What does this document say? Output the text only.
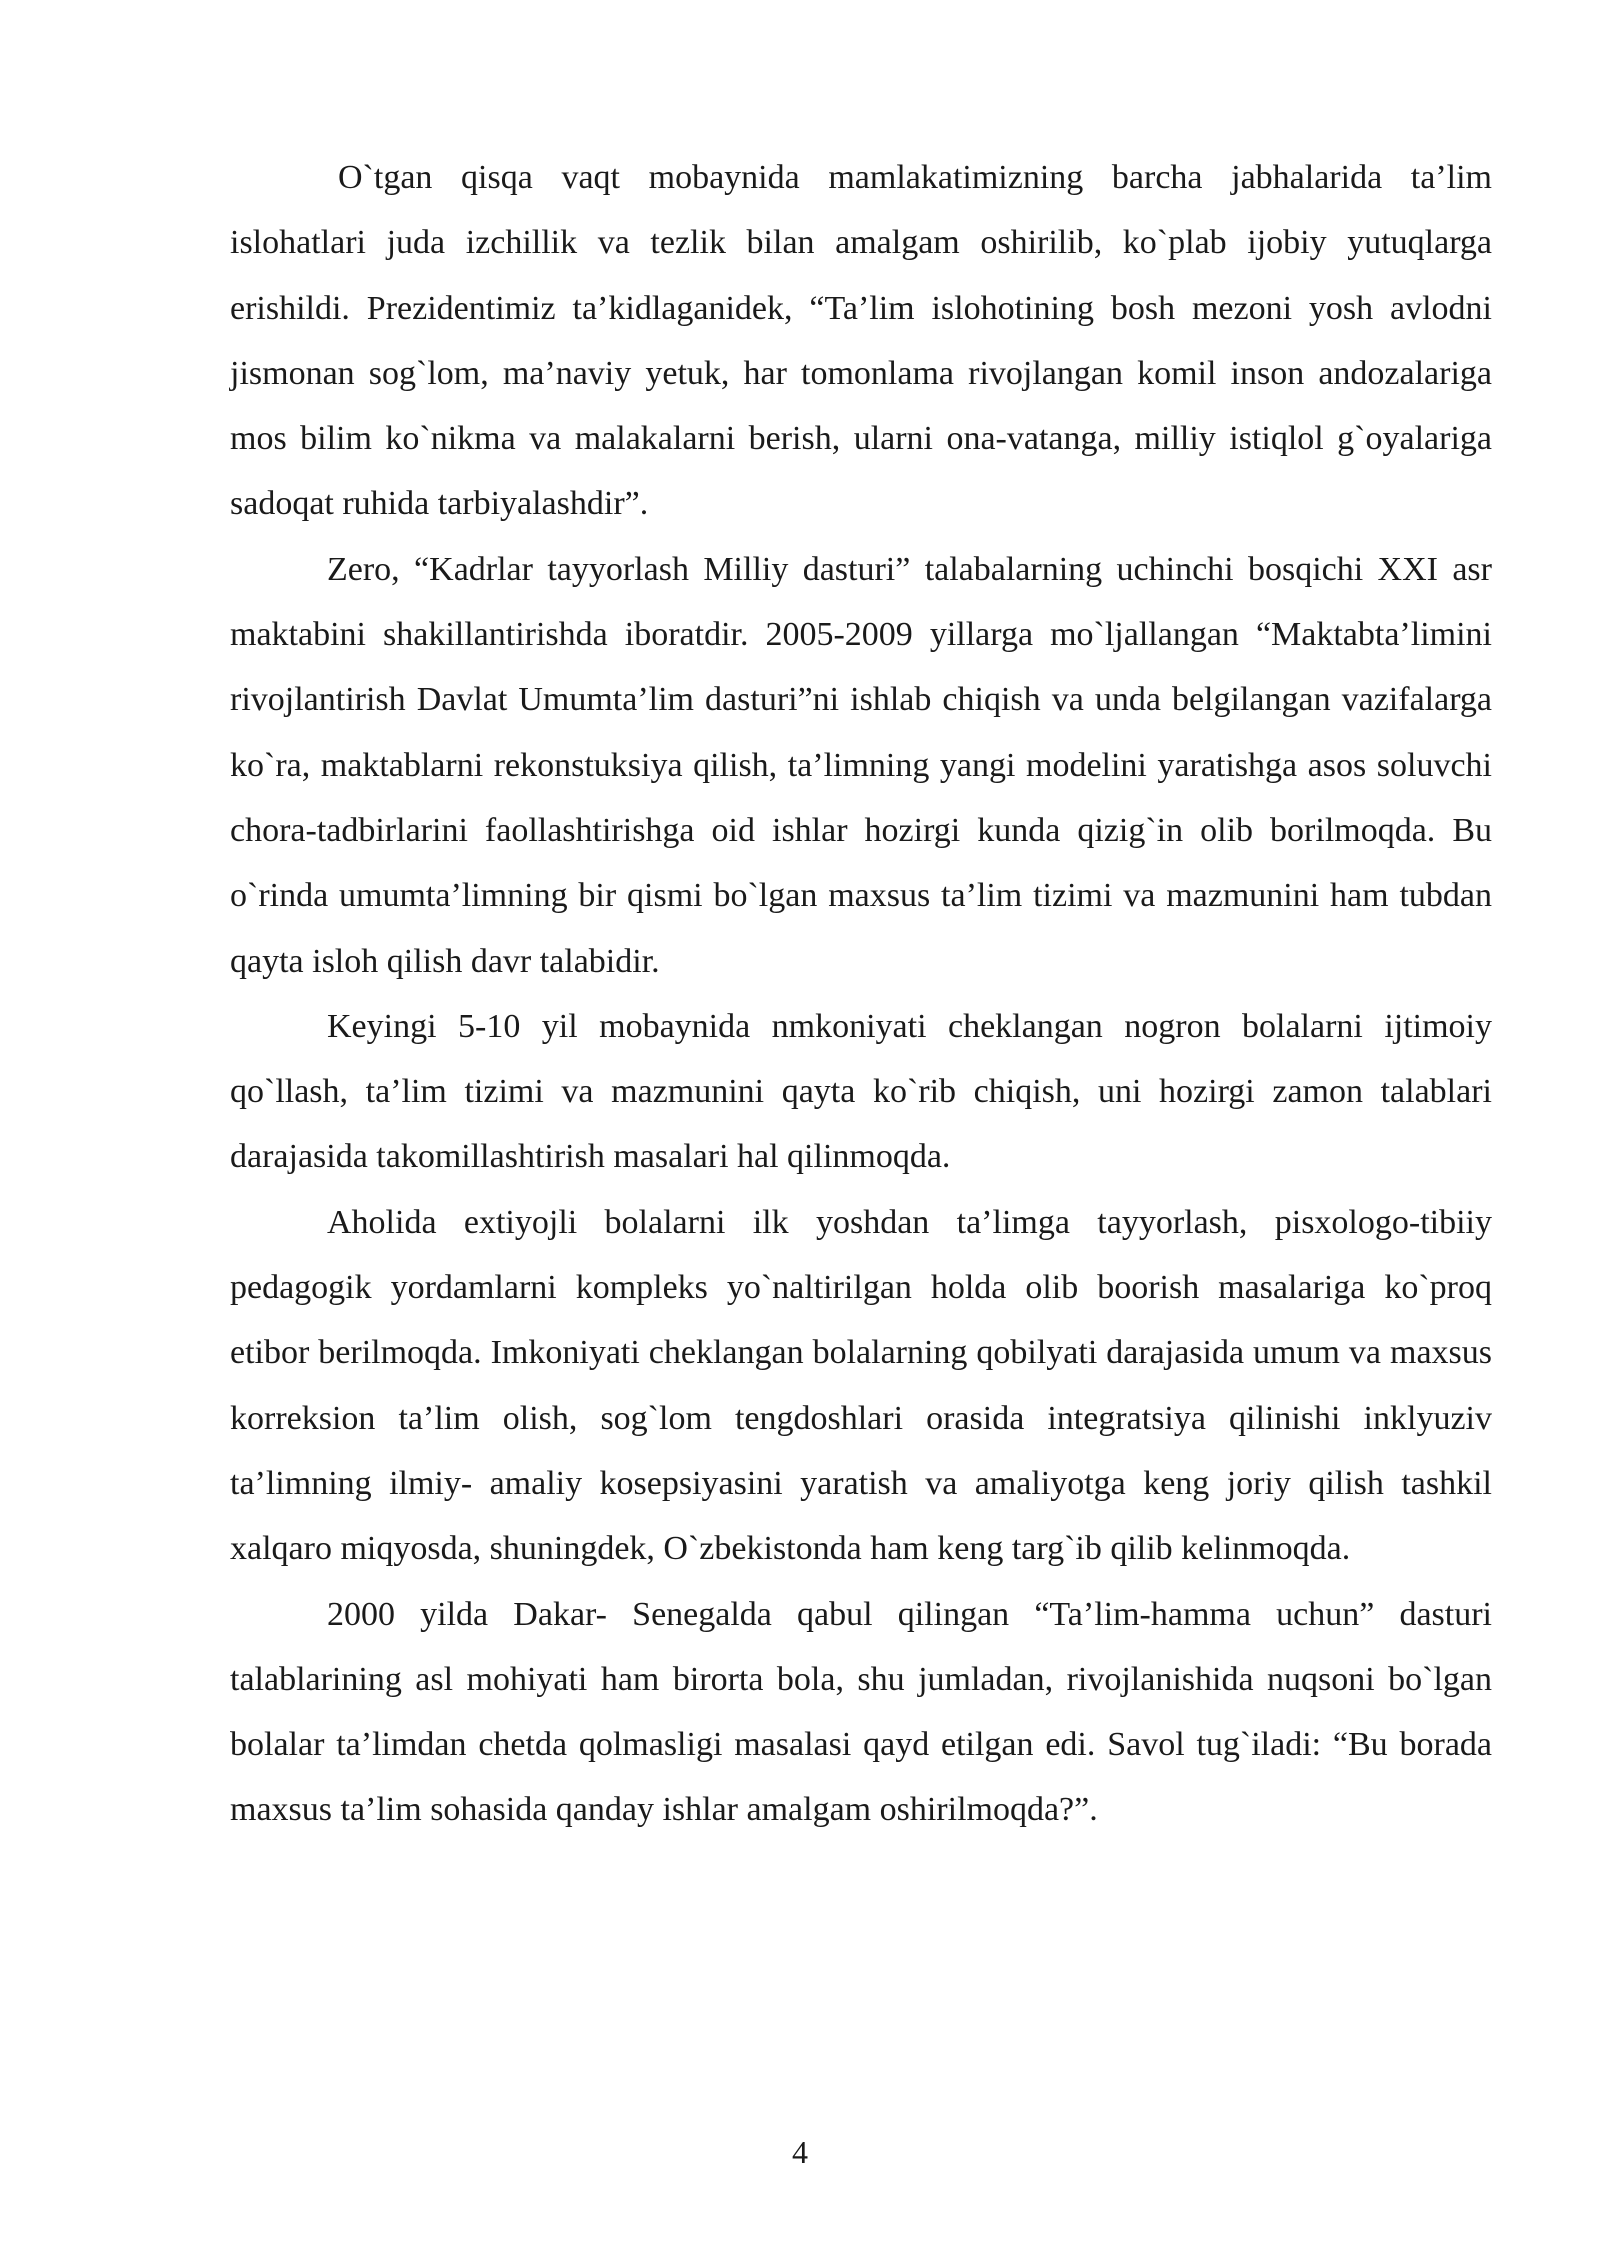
O`tgan qisqa vaqt mobaynida mamlakatimizning barcha jabhalarida ta’lim islohatlari juda izchillik va tezlik bilan amalgam oshirilib, ko`plab ijobiy yutuqlarga erishildi. Prezidentimiz ta’kidlaganidek, “Ta’lim islohotining bosh mezoni yosh avlodni jismonan sog`lom, ma’naviy yetuk, har tomonlama rivojlangan komil inson andozalariga mos bilim ko`nikma va malakalarni berish, ularni ona-vatanga, milliy istiqlol g`oyalariga sadoqat ruhida tarbiyalashdir”.

Zero, “Kadrlar tayyorlash Milliy dasturi” talabalarning uchinchi bosqichi XXI asr maktabini shakillantirishda iboratdir. 2005-2009 yillarga mo`ljallangan “Maktabta’limini rivojlantirish Davlat Umumta’lim dasturi”ni ishlab chiqish va unda belgilangan vazifalarga ko`ra, maktablarni rekonstuksiya qilish, ta’limning yangi modelini yaratishga asos soluvchi chora-tadbirlarini faollashtirishga oid ishlar hozirgi kunda qizig`in olib borilmoqda. Bu o`rinda umumta’limning bir qismi bo`lgan maxsus ta’lim tizimi va mazmunini ham tubdan qayta isloh qilish davr talabidir.

Keyingi 5-10 yil mobaynida nmkoniyati cheklangan nogron bolalarni ijtimoiy qo`llash, ta’lim tizimi va mazmunini qayta ko`rib chiqish, uni hozirgi zamon talablari darajasida takomillashtirish masalari hal qilinmoqda.

Aholida extiyojli bolalarni ilk yoshdan ta’limga tayyorlash, pisxologo-tibiiy pedagogik yordamlarni kompleks yo`naltirilgan holda olib boorish masalariga ko`proq etibor berilmoqda. Imkoniyati cheklangan bolalarning qobilyati darajasida umum va maxsus korreksion ta’lim olish, sog`lom tengdoshlari orasida integratsiya qilinishi inklyuziv ta’limning ilmiy- amaliy kosepsiyasini yaratish va amaliyotga keng joriy qilish tashkil xalqaro miqyosda, shuningdek, O`zbekistonda ham keng targ`ib qilib kelinmoqda.

2000 yilda Dakar- Senegalda qabul qilingan “Ta’lim-hamma uchun” dasturi talablarining asl mohiyati ham birorta bola, shu jumladan, rivojlanishida nuqsoni bo`lgan bolalar ta’limdan chetda qolmasligi masalasi qayd etilgan edi. Savol tug`iladi: “Bu borada maxsus ta’lim sohasida qanday ishlar amalgam oshirilmoqda?”.

4
